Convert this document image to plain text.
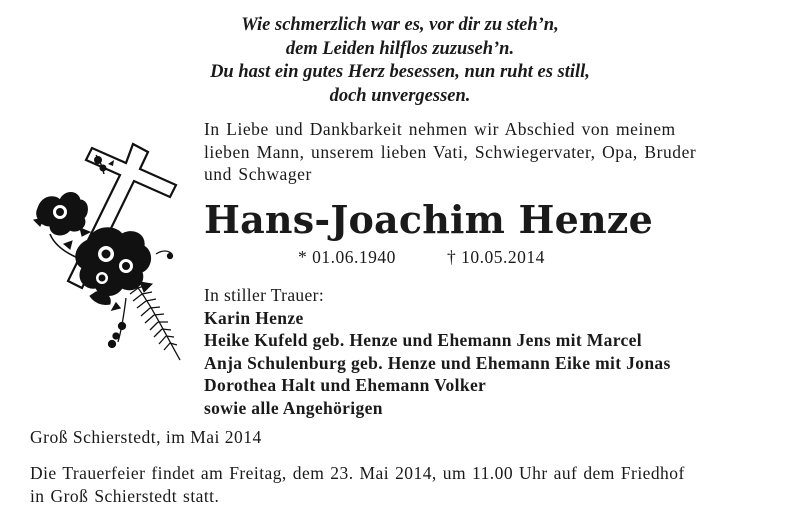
Wie schmerzlich war es, vor dir zu steh’n,
dem Leiden hilflos zuzuseh’n.
Du hast ein gutes Herz besessen, nun ruht es still,
doch unvergessen.
In Liebe und Dankbarkeit nehmen wir Abschied von meinem
lieben Mann, unserem lieben Vati, Schwiegervater, Opa, Bruder
und Schwager
Hans-Joachim Henze
* 01.06.1940	† 10.05.2014
In stiller Trauer:
Karin Henze
Heike Kufeld geb. Henze und Ehemann Jens mit Marcel
Anja Schulenburg geb. Henze und Ehemann Eike mit Jonas
Dorothea Halt und Ehemann Volker
sowie alle Angehörigen
Groß Schierstedt, im Mai 2014
Die Trauerfeier findet am Freitag, dem 23. Mai 2014, um 11.00 Uhr auf dem Friedhof
in Groß Schierstedt statt.
